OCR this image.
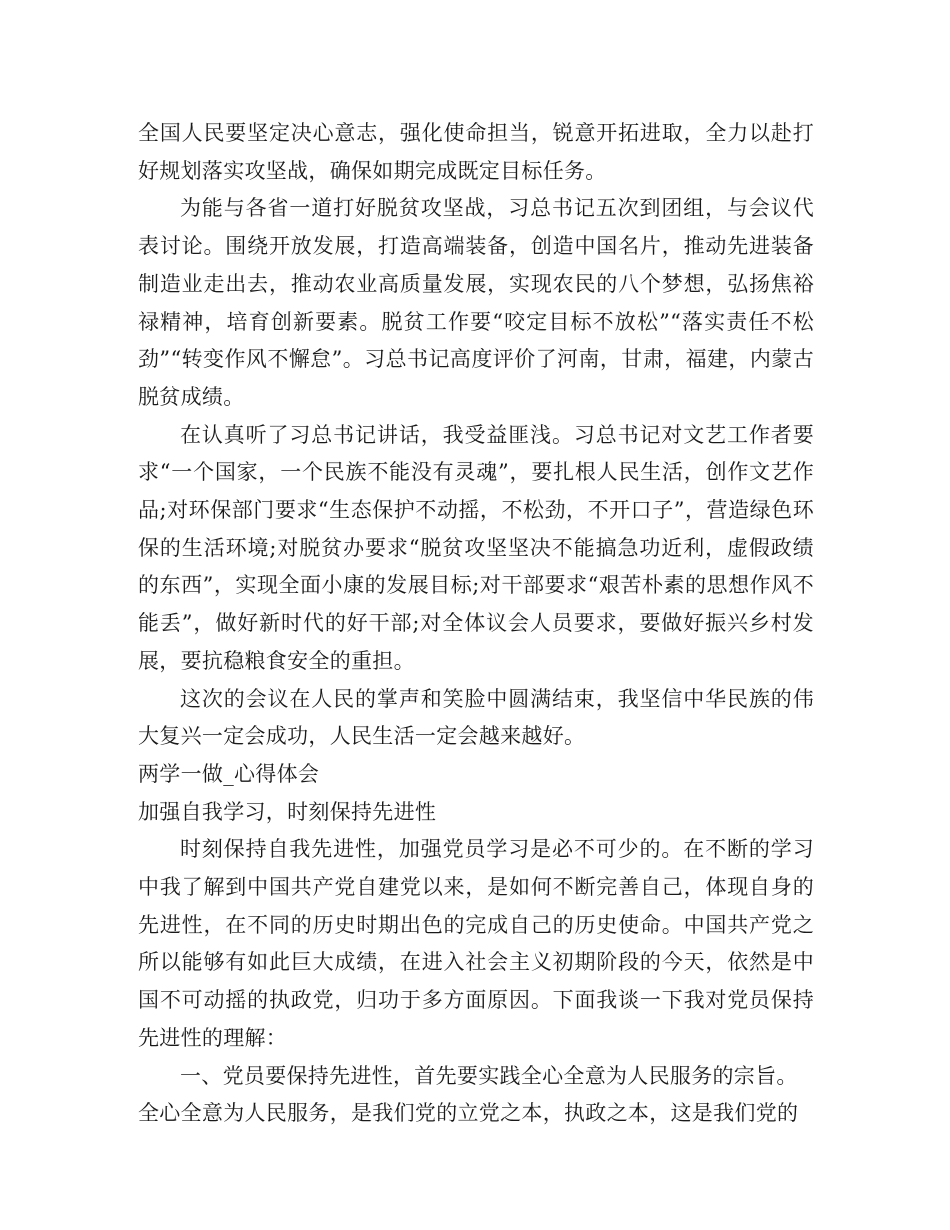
全国人民要坚定决心意志，强化使命担当，锐意开拓进取，全力以赴打好规划落实攻坚战，确保如期完成既定目标任务。

为能与各省一道打好脱贫攻坚战，习总书记五次到团组，与会议代表讨论。围绕开放发展，打造高端装备，创造中国名片，推动先进装备制造业走出去，推动农业高质量发展，实现农民的八个梦想，弘扬焦裕禄精神，培育创新要素。脱贫工作要“咬定目标不放松”“落实责任不松劲”“转变作风不懈怠”。习总书记高度评价了河南，甘肃，福建，内蒙古脱贫成绩。

在认真听了习总书记讲话，我受益匪浅。习总书记对文艺工作者要求“一个国家，一个民族不能没有灵魂”，要扎根人民生活，创作文艺作品;对环保部门要求“生态保护不动摇，不松劲，不开口子”，营造绿色环保的生活环境;对脱贫办要求“脱贫攻坚坚决不能搞急功近利，虚假政绩的东西”，实现全面小康的发展目标;对干部要求“艰苦朴素的思想作风不能丢”，做好新时代的好干部;对全体议会人员要求，要做好振兴乡村发展，要抗稳粮食安全的重担。

这次的会议在人民的掌声和笑脸中圆满结束，我坚信中华民族的伟大复兴一定会成功，人民生活一定会越来越好。

两学一做_心得体会

加强自我学习，时刻保持先进性

时刻保持自我先进性，加强党员学习是必不可少的。在不断的学习中我了解到中国共产党自建党以来，是如何不断完善自己，体现自身的先进性，在不同的历史时期出色的完成自己的历史使命。中国共产党之所以能够有如此巨大成绩，在进入社会主义初期阶段的今天，依然是中国不可动摇的执政党，归功于多方面原因。下面我谈一下我对党员保持先进性的理解：

一、党员要保持先进性，首先要实践全心全意为人民服务的宗旨。

全心全意为人民服务，是我们党的立党之本，执政之本，这是我们党的
